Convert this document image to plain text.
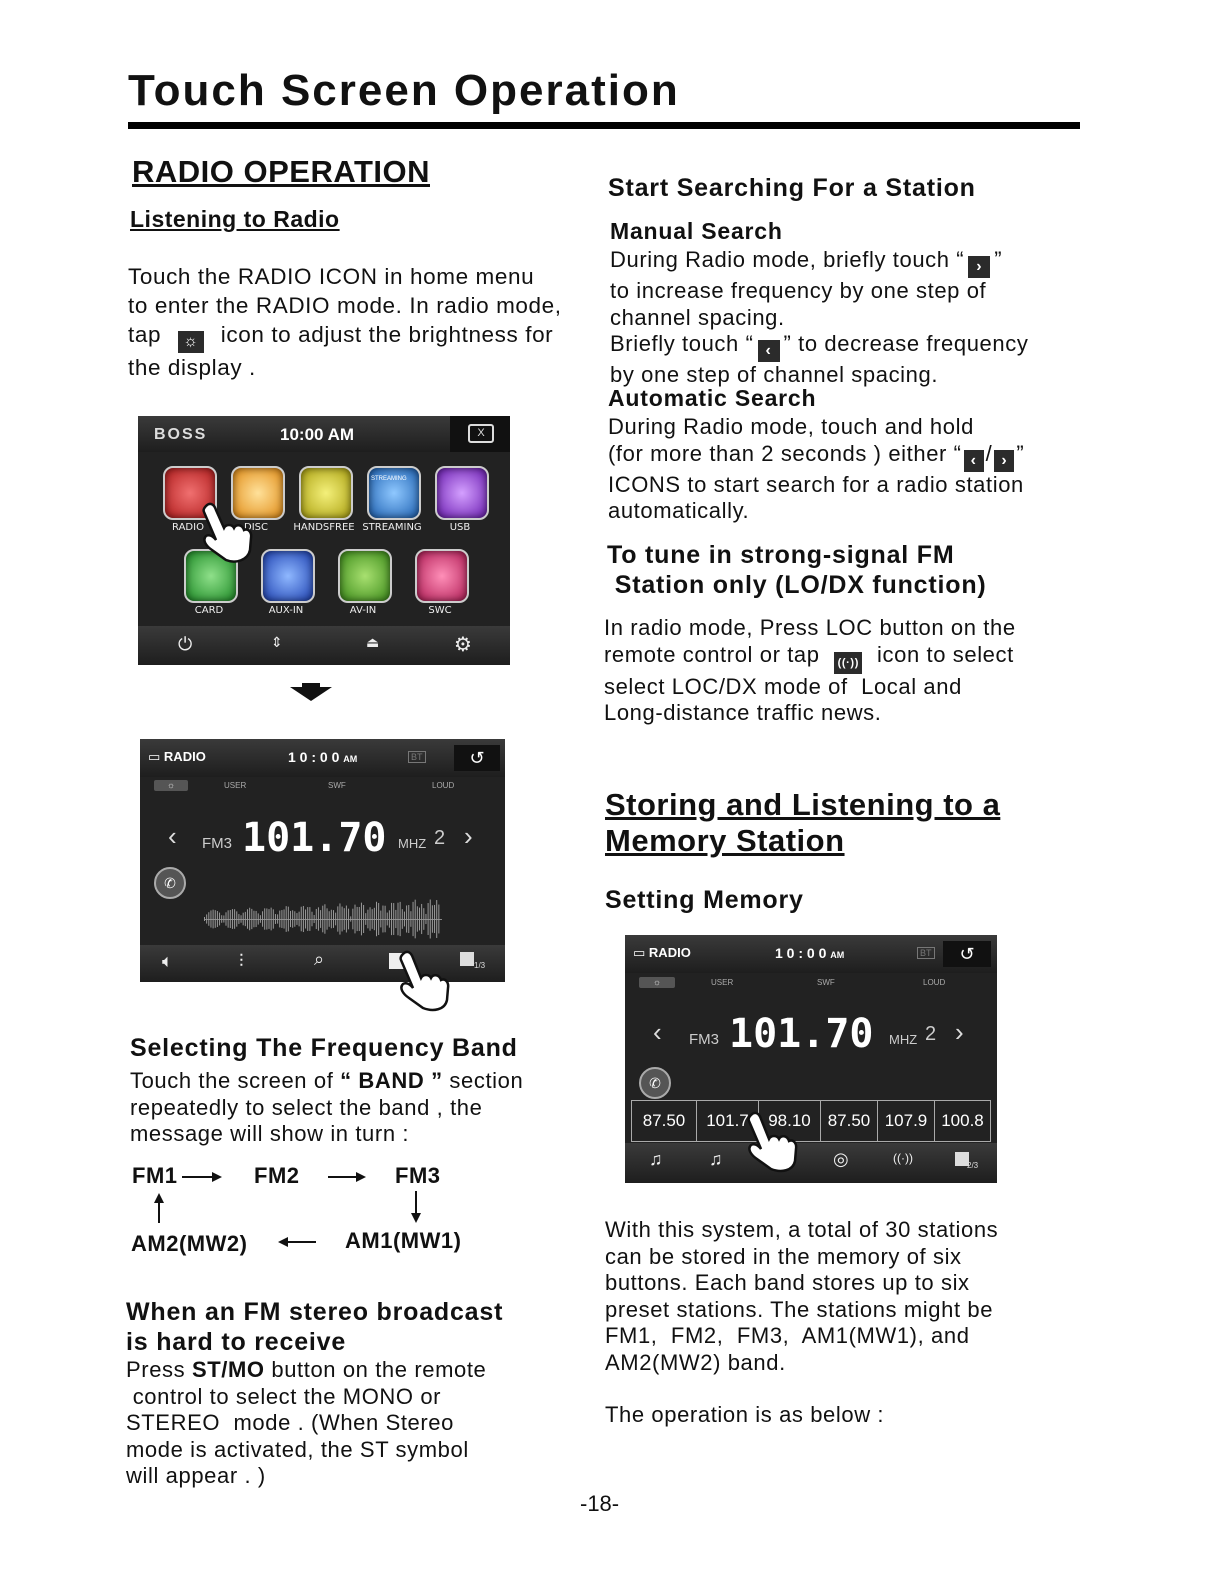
Touch Screen Operation
RADIO OPERATION
Listening to Radio
Touch the RADIO ICON in home menu
to enter the RADIO mode. In radio mode,
tap ☼ icon to adjust the brightness for
the display .
BOSS	10:00 AM	X
STREAMING
RADIO	DISC	HANDSFREE STREAMING	USB
CARD	AUX-IN	AV-IN	SWC
⏻	⇕	⏏	⚙
▭ RADIO	1 0 : 0 0 AM	BT	↺
☼	USER	SWF	LOUD
‹ FM3 101.70 MHZ 2 ›
✆
🔈︎	⫶	⌕	1/3
Selecting The Frequency Band
Touch the screen of “ BAND ” section
repeatedly to select the band , the
message will show in turn :
FM1	FM2	FM3
AM1(MW1)
AM2(MW2)
When an FM stereo broadcast
is hard to receive
Press ST/MO button on the remote
control to select the MONO or
STEREO  mode . (When Stereo
mode is activated, the ST symbol
will appear . )
Start Searching For a Station
Manual Search
During Radio mode, briefly touch “ › ”
to increase frequency by one step of
channel spacing.
Briefly touch “ ‹ ” to decrease frequency
by one step of channel spacing.
Automatic Search
During Radio mode, touch and hold
(for more than 2 seconds ) either “ ‹ / › ”
ICONS to start search for a radio station
automatically.
To tune in strong-signal FM
Station only (LO/DX function)
In radio mode, Press LOC button on the
remote control or tap ((·)) icon to select
select LOC/DX mode of  Local and
Long-distance traffic news.
Storing and Listening to a
Memory Station
Setting Memory
▭ RADIO	1 0 : 0 0 AM	BT	↺
☼	USER	SWF	LOUD
‹ FM3 101.70 MHZ 2 ›
✆
87.50	101.7	98.10 87.50 107.9 100.8
♫	♫	◎	((·))
2/3
With this system, a total of 30 stations
can be stored in the memory of six
buttons. Each band stores up to six
preset stations. The stations might be
FM1,  FM2,  FM3,  AM1(MW1), and
AM2(MW2) band.
The operation is as below :
-18-
